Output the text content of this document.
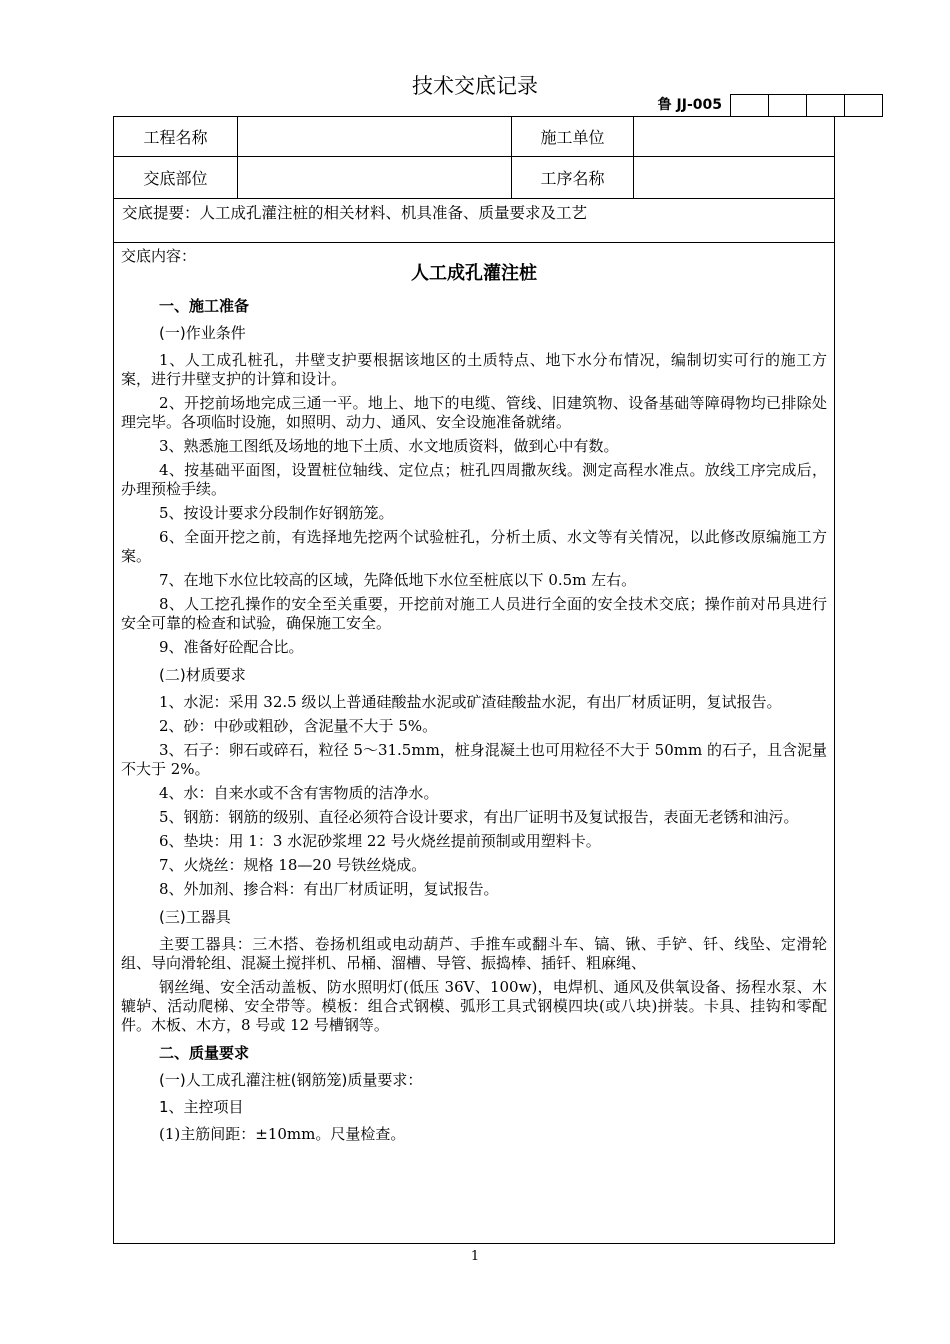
技术交底记录
鲁 JJ-005
工程名称	施工单位
交底部位	工序名称
交底提要：人工成孔灌注桩的相关材料、机具准备、质量要求及工艺
交底内容：
人工成孔灌注桩
一、施工准备
(一)作业条件
1、人工成孔桩孔，井壁支护要根据该地区的土质特点、地下水分布情况，编制切实可行的施工方案，进行井壁支护的计算和设计。
2、开挖前场地完成三通一平。地上、地下的电缆、管线、旧建筑物、设备基础等障碍物均已排除处理完毕。各项临时设施，如照明、动力、通风、安全设施准备就绪。
3、熟悉施工图纸及场地的地下土质、水文地质资料，做到心中有数。
4、按基础平面图，设置桩位轴线、定位点；桩孔四周撒灰线。测定高程水准点。放线工序完成后，办理预检手续。
5、按设计要求分段制作好钢筋笼。
6、全面开挖之前，有选择地先挖两个试验桩孔，分析土质、水文等有关情况，以此修改原编施工方案。
7、在地下水位比较高的区域，先降低地下水位至桩底以下 0.5m 左右。
8、人工挖孔操作的安全至关重要，开挖前对施工人员进行全面的安全技术交底；操作前对吊具进行安全可靠的检查和试验，确保施工安全。
9、准备好砼配合比。
(二)材质要求
1、水泥：采用 32.5 级以上普通硅酸盐水泥或矿渣硅酸盐水泥，有出厂材质证明，复试报告。
2、砂：中砂或粗砂，含泥量不大于 5%。
3、石子：卵石或碎石，粒径 5～31.5mm，桩身混凝土也可用粒径不大于 50mm 的石子，且含泥量不大于 2%。
4、水：自来水或不含有害物质的洁净水。
5、钢筋：钢筋的级别、直径必须符合设计要求，有出厂证明书及复试报告，表面无老锈和油污。
6、垫块：用 1：3 水泥砂浆埋 22 号火烧丝提前预制或用塑料卡。
7、火烧丝：规格 18—20 号铁丝烧成。
8、外加剂、掺合料：有出厂材质证明，复试报告。
(三)工器具
主要工器具：三木搭、卷扬机组或电动葫芦、手推车或翻斗车、镐、锹、手铲、钎、线坠、定滑轮组、导向滑轮组、混凝土搅拌机、吊桶、溜槽、导管、振捣棒、插钎、粗麻绳、
钢丝绳、安全活动盖板、防水照明灯(低压 36V、100w)，电焊机、通风及供氧设备、扬程水泵、木辘轳、活动爬梯、安全带等。模板：组合式钢模、弧形工具式钢模四块(或八块)拼装。卡具、挂钩和零配件。木板、木方，8 号或 12 号槽钢等。
二、质量要求
(一)人工成孔灌注桩(钢筋笼)质量要求：
1、主控项目
(1)主筋间距：±10mm。尺量检查。
1
